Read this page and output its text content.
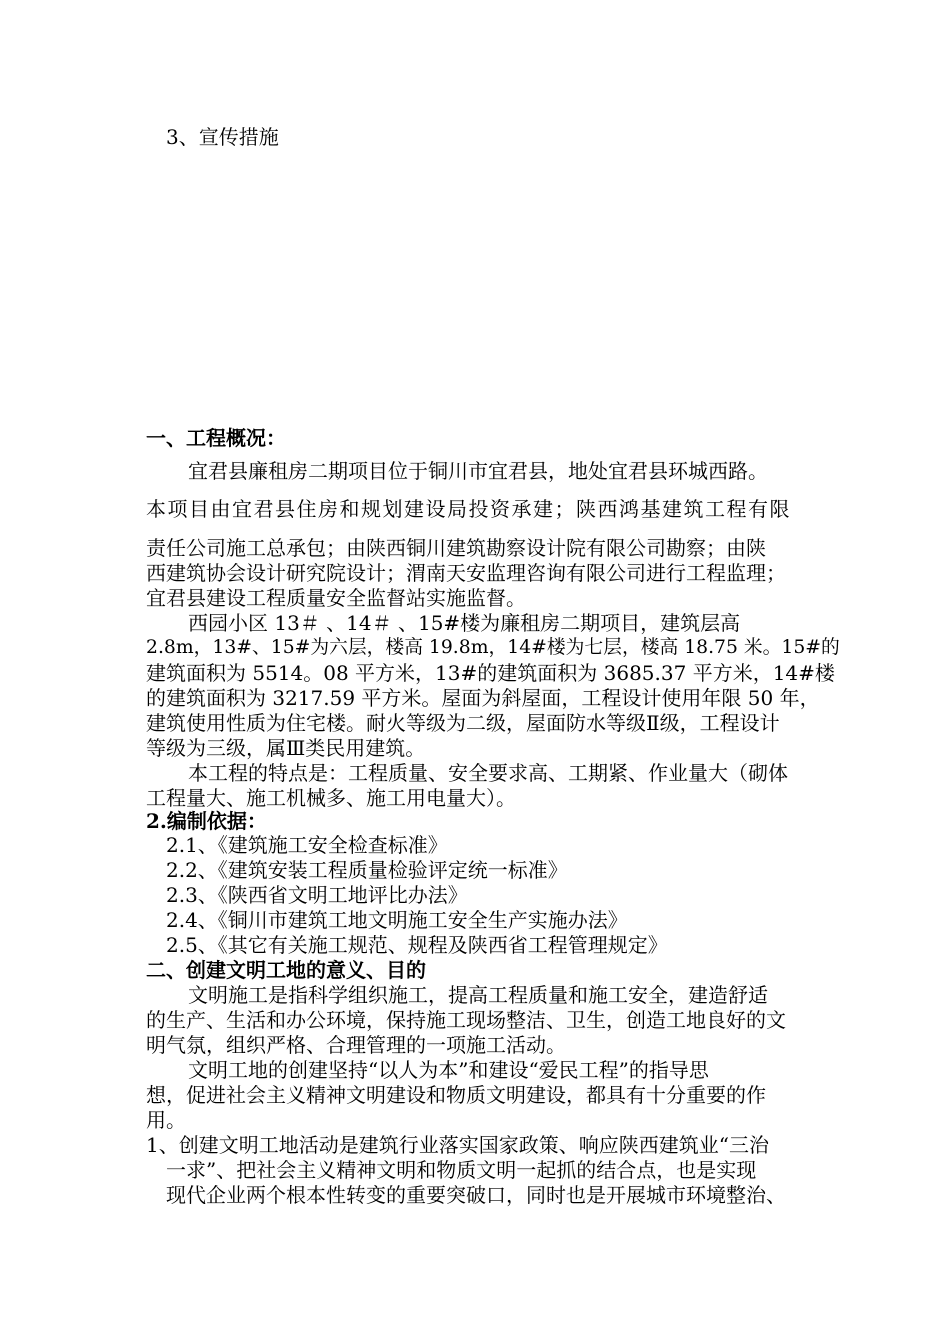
3、宣传措施
一、工程概况：
宜君县廉租房二期项目位于铜川市宜君县，地处宜君县环城西路。
本项目由宜君县住房和规划建设局投资承建；陕西鸿基建筑工程有限
责任公司施工总承包；由陕西铜川建筑勘察设计院有限公司勘察；由陕
西建筑协会设计研究院设计；渭南天安监理咨询有限公司进行工程监理；
宜君县建设工程质量安全监督站实施监督。
西园小区 13＃ 、14＃ 、15#楼为廉租房二期项目，建筑层高
2.8m，13#、15#为六层，楼高 19.8m，14#楼为七层，楼高 18.75 米。15#的
建筑面积为 5514。08 平方米，13#的建筑面积为 3685.37 平方米，14#楼
的建筑面积为 3217.59 平方米。屋面为斜屋面，工程设计使用年限 50 年，
建筑使用性质为住宅楼。耐火等级为二级，屋面防水等级Ⅱ级，工程设计
等级为三级，属Ⅲ类民用建筑。
本工程的特点是：工程质量、安全要求高、工期紧、作业量大（砌体
工程量大、施工机械多、施工用电量大）。
2.编制依据：
2.1、《建筑施工安全检查标准》
2.2、《建筑安装工程质量检验评定统一标准》
2.3、《陕西省文明工地评比办法》
2.4、《铜川市建筑工地文明施工安全生产实施办法》
2.5、《其它有关施工规范、规程及陕西省工程管理规定》
二、创建文明工地的意义、目的
文明施工是指科学组织施工，提高工程质量和施工安全，建造舒适
的生产、生活和办公环境，保持施工现场整洁、卫生，创造工地良好的文
明气氛，组织严格、合理管理的一项施工活动。
文明工地的创建坚持“以人为本”和建设“爱民工程”的指导思
想，促进社会主义精神文明建设和物质文明建设，都具有十分重要的作
用。
1、创建文明工地活动是建筑行业落实国家政策、响应陕西建筑业“三治
一求”、把社会主义精神文明和物质文明一起抓的结合点，也是实现
现代企业两个根本性转变的重要突破口，同时也是开展城市环境整治、
